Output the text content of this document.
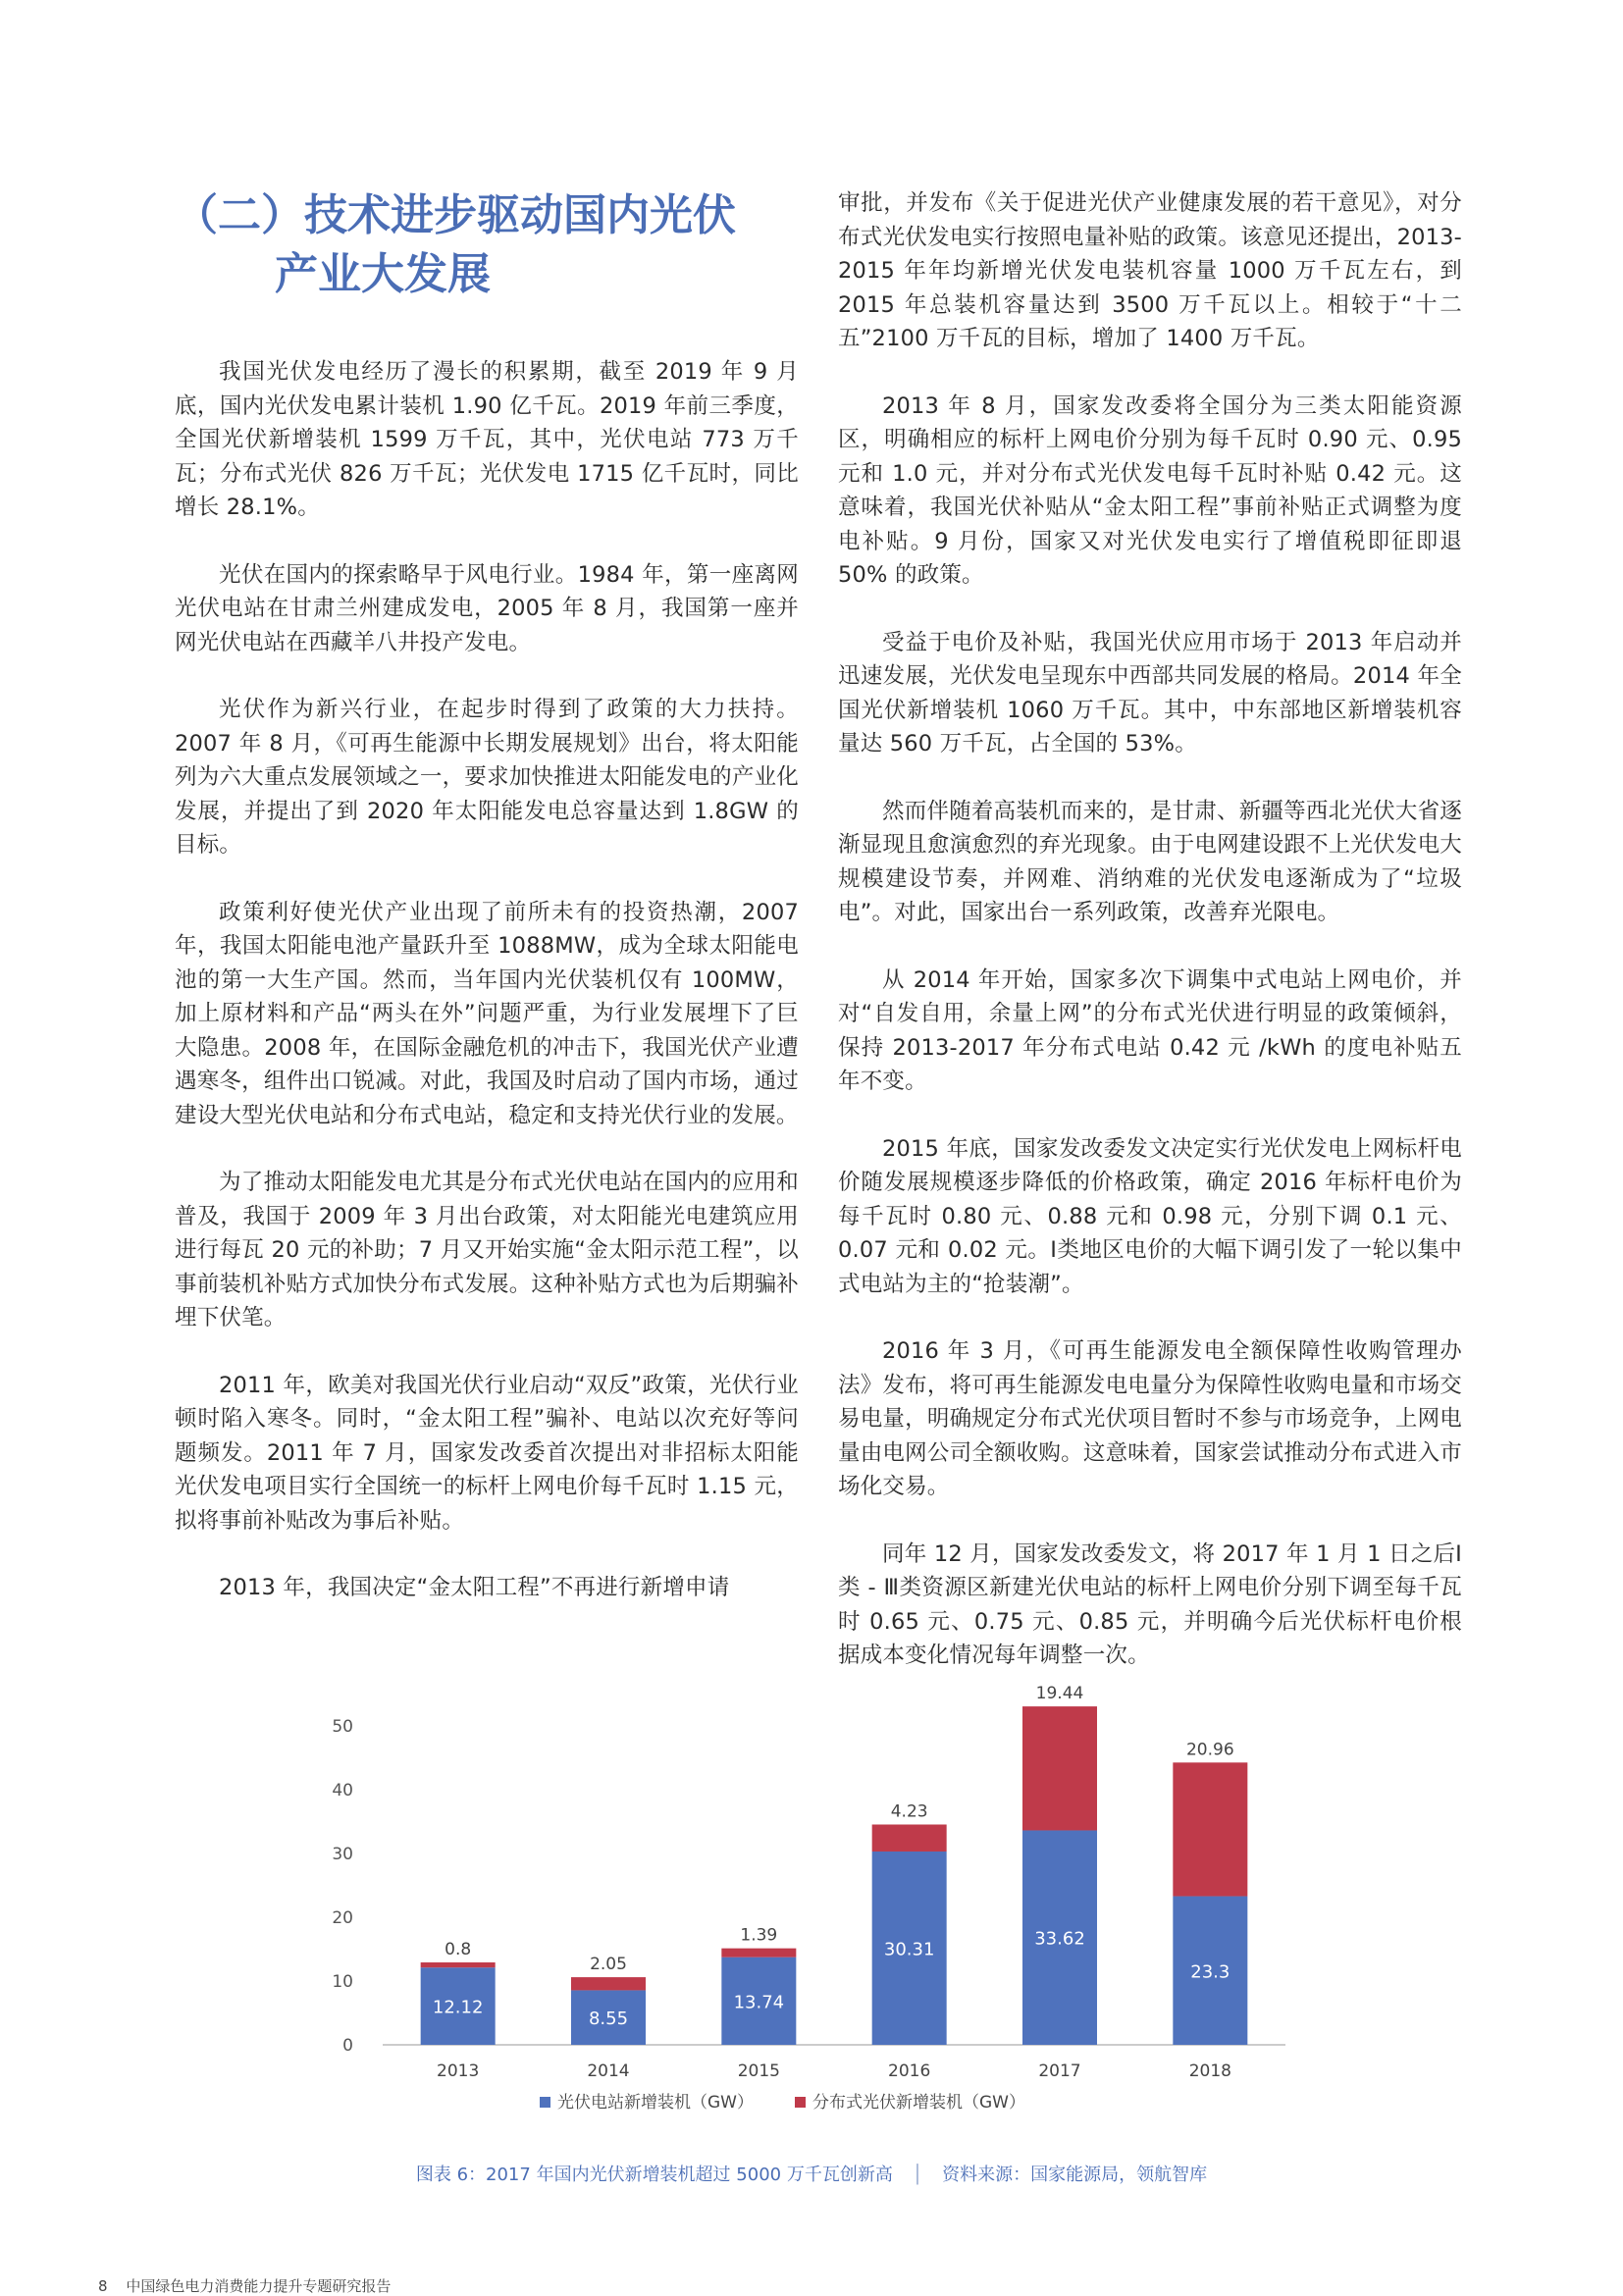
（二）技术进步驱动国内光伏
产业大发展

我国光伏发电经历了漫长的积累期，截至 2019 年 9 月底，国内光伏发电累计装机 1.90 亿千瓦。2019 年前三季度，全国光伏新增装机 1599 万千瓦，其中，光伏电站 773 万千瓦；分布式光伏 826 万千瓦；光伏发电 1715 亿千瓦时，同比增长 28.1%。

光伏在国内的探索略早于风电行业。1984 年，第一座离网光伏电站在甘肃兰州建成发电，2005 年 8 月，我国第一座并网光伏电站在西藏羊八井投产发电。

光伏作为新兴行业，在起步时得到了政策的大力扶持。2007 年 8 月，《可再生能源中长期发展规划》出台，将太阳能列为六大重点发展领域之一，要求加快推进太阳能发电的产业化发展，并提出了到 2020 年太阳能发电总容量达到 1.8GW 的目标。

政策利好使光伏产业出现了前所未有的投资热潮，2007 年，我国太阳能电池产量跃升至 1088MW，成为全球太阳能电池的第一大生产国。然而，当年国内光伏装机仅有 100MW，加上原材料和产品“两头在外”问题严重，为行业发展埋下了巨大隐患。2008 年，在国际金融危机的冲击下，我国光伏产业遭遇寒冬，组件出口锐减。对此，我国及时启动了国内市场，通过建设大型光伏电站和分布式电站，稳定和支持光伏行业的发展。

为了推动太阳能发电尤其是分布式光伏电站在国内的应用和普及，我国于 2009 年 3 月出台政策，对太阳能光电建筑应用进行每瓦 20 元的补助；7 月又开始实施“金太阳示范工程”，以事前装机补贴方式加快分布式发展。这种补贴方式也为后期骗补埋下伏笔。

2011 年，欧美对我国光伏行业启动“双反”政策，光伏行业顿时陷入寒冬。同时，“金太阳工程”骗补、电站以次充好等问题频发。2011 年 7 月，国家发改委首次提出对非招标太阳能光伏发电项目实行全国统一的标杆上网电价每千瓦时 1.15 元，拟将事前补贴改为事后补贴。

2013 年，我国决定“金太阳工程”不再进行新增申请

审批，并发布《关于促进光伏产业健康发展的若干意见》，对分布式光伏发电实行按照电量补贴的政策。该意见还提出，2013-2015 年年均新增光伏发电装机容量 1000 万千瓦左右，到 2015 年总装机容量达到 3500 万千瓦以上。相较于“十二五”2100 万千瓦的目标，增加了 1400 万千瓦。

2013 年 8 月，国家发改委将全国分为三类太阳能资源区，明确相应的标杆上网电价分别为每千瓦时 0.90 元、0.95 元和 1.0 元，并对分布式光伏发电每千瓦时补贴 0.42 元。这意味着，我国光伏补贴从“金太阳工程”事前补贴正式调整为度电补贴。9 月份，国家又对光伏发电实行了增值税即征即退 50% 的政策。

受益于电价及补贴，我国光伏应用市场于 2013 年启动并迅速发展，光伏发电呈现东中西部共同发展的格局。2014 年全国光伏新增装机 1060 万千瓦。其中，中东部地区新增装机容量达 560 万千瓦，占全国的 53%。

然而伴随着高装机而来的，是甘肃、新疆等西北光伏大省逐渐显现且愈演愈烈的弃光现象。由于电网建设跟不上光伏发电大规模建设节奏，并网难、消纳难的光伏发电逐渐成为了“垃圾电”。对此，国家出台一系列政策，改善弃光限电。

从 2014 年开始，国家多次下调集中式电站上网电价，并对“自发自用，余量上网”的分布式光伏进行明显的政策倾斜，保持 2013-2017 年分布式电站 0.42 元 /kWh 的度电补贴五年不变。

2015 年底，国家发改委发文决定实行光伏发电上网标杆电价随发展规模逐步降低的价格政策，确定 2016 年标杆电价为每千瓦时 0.80 元、0.88 元和 0.98 元，分别下调 0.1 元、0.07 元和 0.02 元。Ⅰ类地区电价的大幅下调引发了一轮以集中式电站为主的“抢装潮”。

2016 年 3 月，《可再生能源发电全额保障性收购管理办法》发布，将可再生能源发电电量分为保障性收购电量和市场交易电量，明确规定分布式光伏项目暂时不参与市场竞争，上网电量由电网公司全额收购。这意味着，国家尝试推动分布式进入市场化交易。

同年 12 月，国家发改委发文，将 2017 年 1 月 1 日之后Ⅰ类 - Ⅲ类资源区新建光伏电站的标杆上网电价分别下调至每千瓦时 0.65 元、0.75 元、0.85 元，并明确今后光伏标杆电价根据成本变化情况每年调整一次。

0
10
20
30
40
50
12.12
0.8
2013
8.55
2.05
2014
13.74
1.39
2015
30.31
4.23
2016
33.62
19.44
2017
23.3
20.96
2018
光伏电站新增装机（GW）	分布式光伏新增装机（GW）
图表 6：2017 年国内光伏新增装机超过 5000 万千瓦创新高 │ 资料来源：国家能源局，领航智库
8 中国绿色电力消费能力提升专题研究报告
